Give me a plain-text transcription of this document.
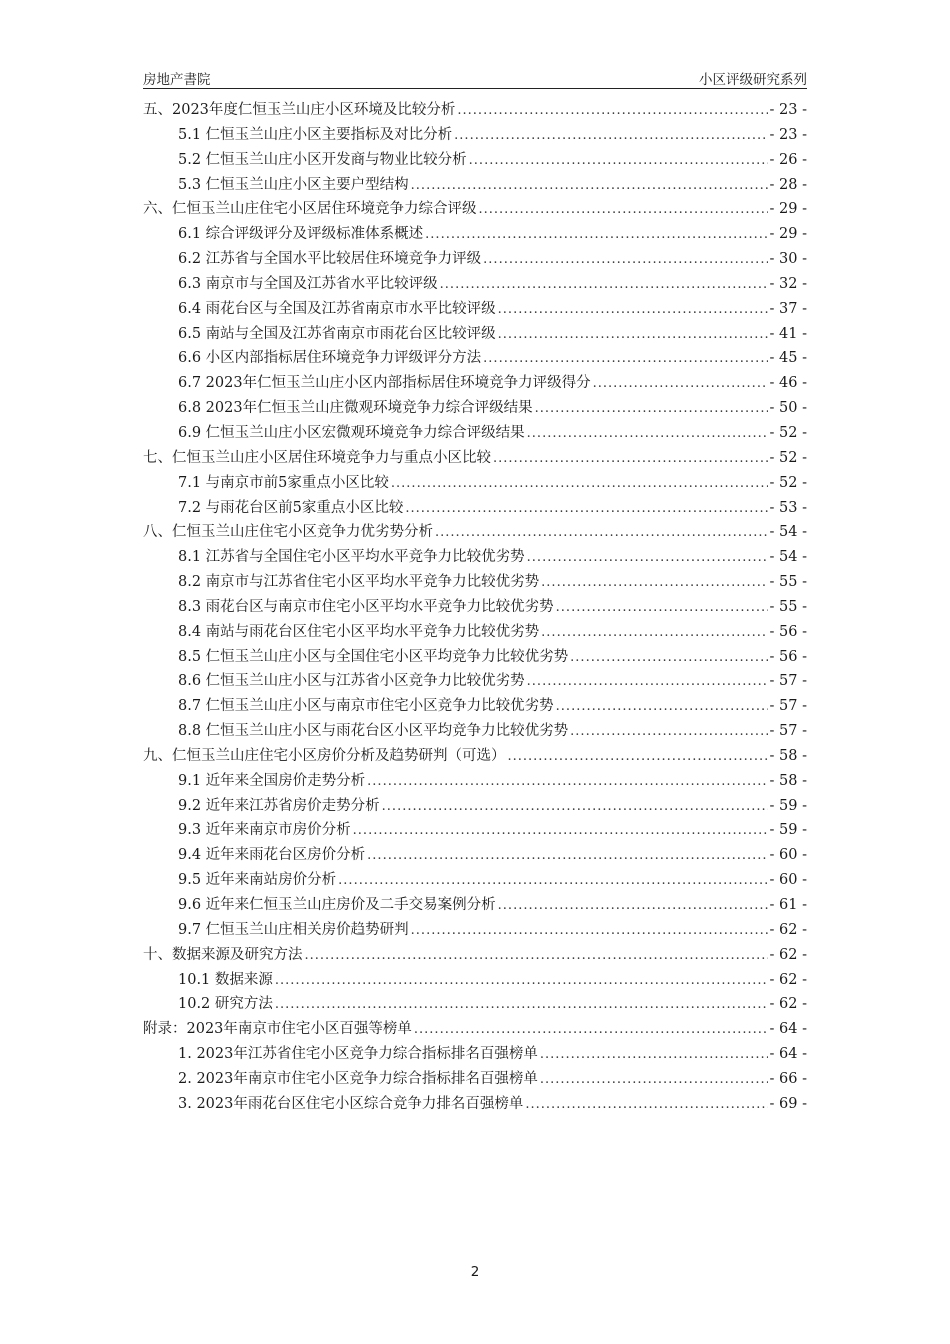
房地产書院	小区评级研究系列
五、2023年度仁恒玉兰山庄小区环境及比较分析 .....	- 23 -
5.1 仁恒玉兰山庄小区主要指标及对比分析 .....	- 23 -
5.2 仁恒玉兰山庄小区开发商与物业比较分析 .....	- 26 -
5.3 仁恒玉兰山庄小区主要户型结构 .....	- 28 -
六、仁恒玉兰山庄住宅小区居住环境竞争力综合评级 .....	- 29 -
6.1 综合评级评分及评级标准体系概述 .....	- 29 -
6.2 江苏省与全国水平比较居住环境竞争力评级 .....	- 30 -
6.3 南京市与全国及江苏省水平比较评级 .....	- 32 -
6.4 雨花台区与全国及江苏省南京市水平比较评级 .....	- 37 -
6.5 南站与全国及江苏省南京市雨花台区比较评级 .....	- 41 -
6.6 小区内部指标居住环境竞争力评级评分方法 .....	- 45 -
6.7 2023年仁恒玉兰山庄小区内部指标居住环境竞争力评级得分 .....	- 46 -
6.8 2023年仁恒玉兰山庄微观环境竞争力综合评级结果 .....	- 50 -
6.9 仁恒玉兰山庄小区宏微观环境竞争力综合评级结果 .....	- 52 -
七、仁恒玉兰山庄小区居住环境竞争力与重点小区比较 .....	- 52 -
7.1 与南京市前5家重点小区比较 .....	- 52 -
7.2 与雨花台区前5家重点小区比较 .....	- 53 -
八、仁恒玉兰山庄住宅小区竞争力优劣势分析 .....	- 54 -
8.1 江苏省与全国住宅小区平均水平竞争力比较优劣势 .....	- 54 -
8.2 南京市与江苏省住宅小区平均水平竞争力比较优劣势 .....	- 55 -
8.3 雨花台区与南京市住宅小区平均水平竞争力比较优劣势 .....	- 55 -
8.4 南站与雨花台区住宅小区平均水平竞争力比较优劣势 .....	- 56 -
8.5 仁恒玉兰山庄小区与全国住宅小区平均竞争力比较优劣势 .....	- 56 -
8.6 仁恒玉兰山庄小区与江苏省小区竞争力比较优劣势 .....	- 57 -
8.7 仁恒玉兰山庄小区与南京市住宅小区竞争力比较优劣势 .....	- 57 -
8.8 仁恒玉兰山庄小区与雨花台区小区平均竞争力比较优劣势 .....	- 57 -
九、仁恒玉兰山庄住宅小区房价分析及趋势研判（可选） .....	- 58 -
9.1 近年来全国房价走势分析 .....	- 58 -
9.2 近年来江苏省房价走势分析 .....	- 59 -
9.3 近年来南京市房价分析 .....	- 59 -
9.4 近年来雨花台区房价分析 .....	- 60 -
9.5 近年来南站房价分析 .....	- 60 -
9.6 近年来仁恒玉兰山庄房价及二手交易案例分析 .....	- 61 -
9.7 仁恒玉兰山庄相关房价趋势研判 .....	- 62 -
十、数据来源及研究方法 .....	- 62 -
10.1 数据来源 .....	- 62 -
10.2 研究方法 .....	- 62 -
附录：2023年南京市住宅小区百强等榜单 .....	- 64 -
1. 2023年江苏省住宅小区竞争力综合指标排名百强榜单 .....	- 64 -
2. 2023年南京市住宅小区竞争力综合指标排名百强榜单 .....	- 66 -
3. 2023年雨花台区住宅小区综合竞争力排名百强榜单 .....	- 69 -
2
